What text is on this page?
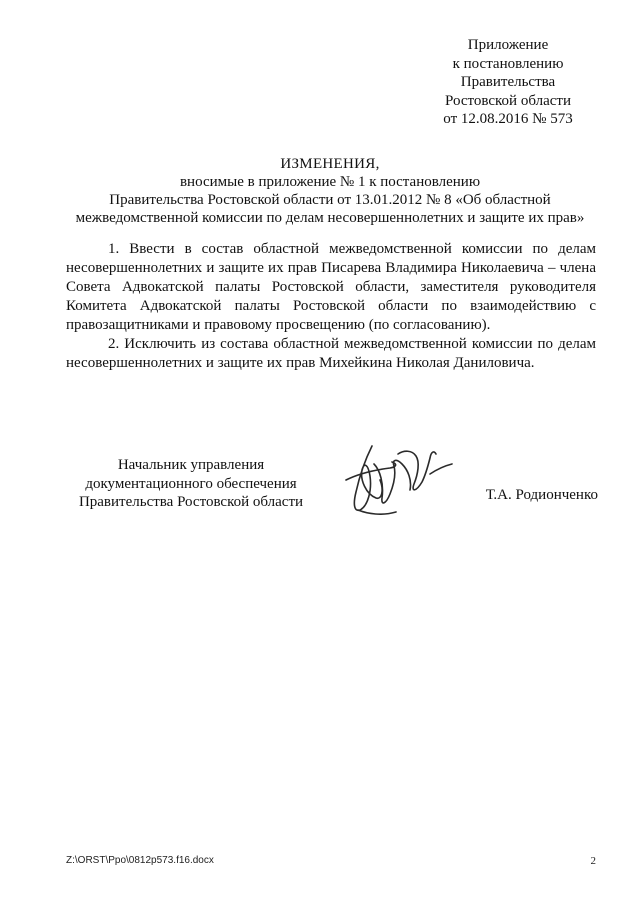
Приложение
к постановлению
Правительства
Ростовской области
от 12.08.2016 № 573
ИЗМЕНЕНИЯ,
вносимые в приложение № 1 к постановлению
Правительства Ростовской области от 13.01.2012 № 8 «Об областной
межведомственной комиссии по делам несовершеннолетних и защите их прав»

1. Ввести в состав областной межведомственной комиссии по делам несовершеннолетних и защите их прав Писарева Владимира Николаевича – члена Совета Адвокатской палаты Ростовской области, заместителя руководителя Комитета Адвокатской палаты Ростовской области по взаимодействию с правозащитниками и правовому просвещению (по согласованию).

2. Исключить из состава областной межведомственной комиссии по делам несовершеннолетних и защите их прав Михейкина Николая Даниловича.

Начальник управления
документационного обеспечения
Правительства Ростовской области	Т.А. Родионченко
Z:\ORST\Ppo\0812p573.f16.docx	2
